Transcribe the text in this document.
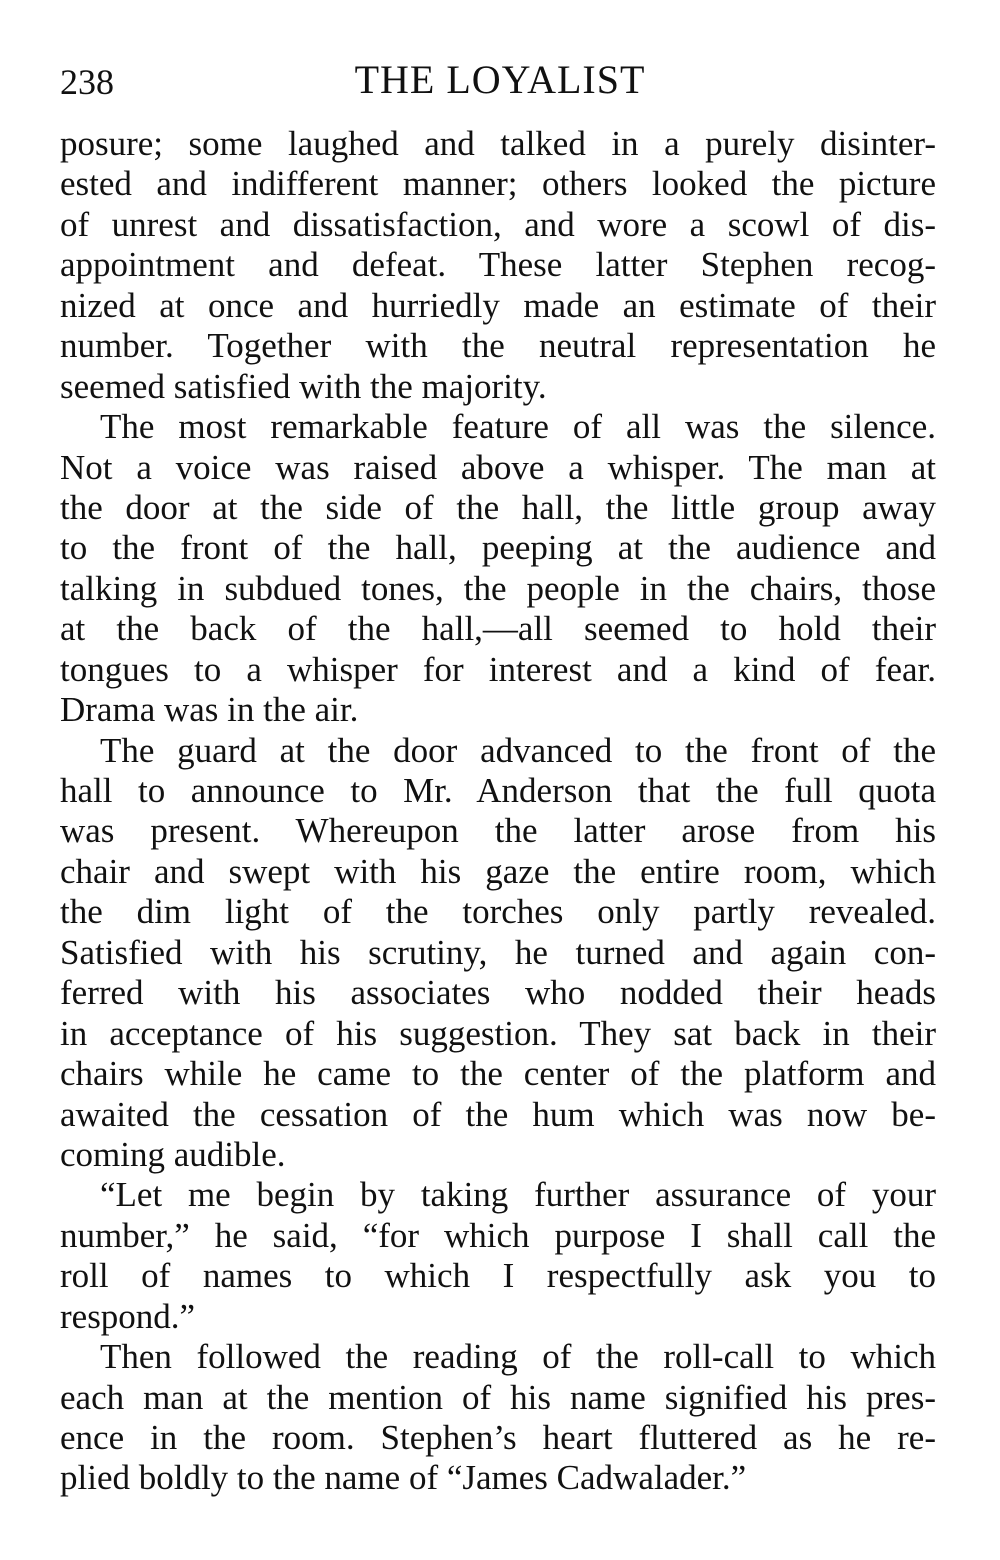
238	THE LOYALIST
posure; some laughed and talked in a purely disinter-
ested and indifferent manner; others looked the picture
of unrest and dissatisfaction, and wore a scowl of dis-
appointment and defeat. These latter Stephen recog-
nized at once and hurriedly made an estimate of their
number. Together with the neutral representation he
seemed satisfied with the majority.
The most remarkable feature of all was the silence.
Not a voice was raised above a whisper. The man at
the door at the side of the hall, the little group away
to the front of the hall, peeping at the audience and
talking in subdued tones, the people in the chairs, those
at the back of the hall,—all seemed to hold their
tongues to a whisper for interest and a kind of fear.
Drama was in the air.
The guard at the door advanced to the front of the
hall to announce to Mr. Anderson that the full quota
was present. Whereupon the latter arose from his
chair and swept with his gaze the entire room, which
the dim light of the torches only partly revealed.
Satisfied with his scrutiny, he turned and again con-
ferred with his associates who nodded their heads
in acceptance of his suggestion. They sat back in their
chairs while he came to the center of the platform and
awaited the cessation of the hum which was now be-
coming audible.
“Let me begin by taking further assurance of your
number,” he said, “for which purpose I shall call the
roll of names to which I respectfully ask you to
respond.”
Then followed the reading of the roll-call to which
each man at the mention of his name signified his pres-
ence in the room. Stephen’s heart fluttered as he re-
plied boldly to the name of “James Cadwalader.”
